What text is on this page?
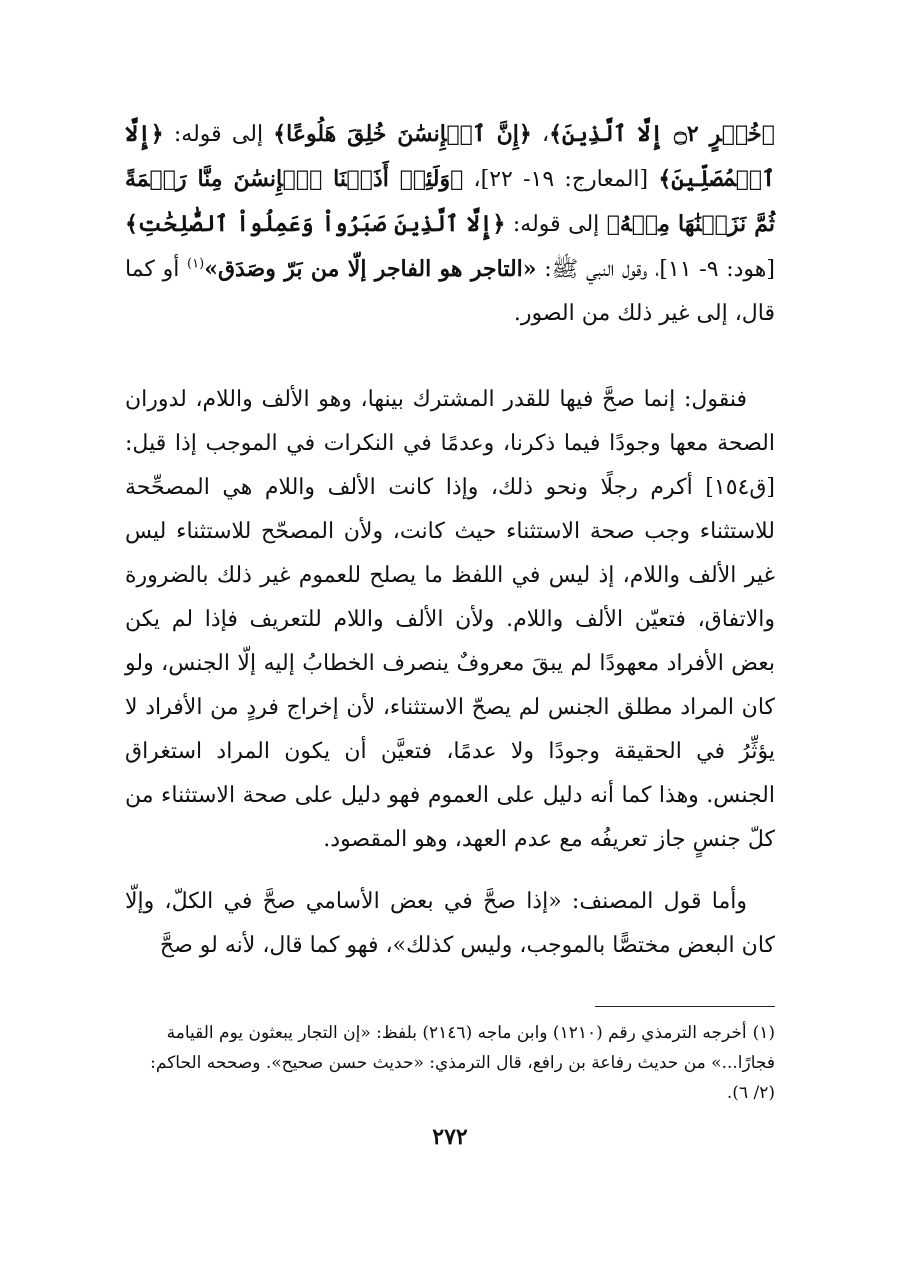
﴿خُسۡرٍ ۝٢ إِلَّا ٱلَّذِينَ﴾، ﴿إِنَّ ٱلۡإِنسَٰنَ خُلِقَ هَلُوعًا﴾ إلى قوله: ﴿إِلَّا ٱلۡمُصَلِّينَ﴾ [المعارج: ١٩- ٢٢]، ﴿وَلَئِنۡ أَذَقۡنَا ٱلۡإِنسَٰنَ مِنَّا رَحۡمَةً ثُمَّ نَزَعۡنَٰهَا مِنۡهُ﴾ إلى قوله: ﴿إِلَّا ٱلَّذِينَ صَبَرُواْ وَعَمِلُواْ ٱلصَّٰلِحَٰتِ﴾ [هود: ٩- ١١]، وقول النبي ﷺ: «التاجر هو الفاجر إلّا من بَرّ وصَدَق»$^{(١)}$ أو كما قال، إلى غير ذلك من الصور.

فنقول: إنما صحَّ فيها للقدر المشترك بينها، وهو الألف واللام، لدوران الصحة معها وجودًا فيما ذكرنا، وعدمًا في النكرات في الموجب إذا قيل: [ق١٥٤] أكرم رجلًا ونحو ذلك، وإذا كانت الألف واللام هي المصحِّحة للاستثناء وجب صحة الاستثناء حيث كانت، ولأن المصحّح للاستثناء ليس غير الألف واللام، إذ ليس في اللفظ ما يصلح للعموم غير ذلك بالضرورة والاتفاق، فتعيّن الألف واللام. ولأن الألف واللام للتعريف فإذا لم يكن بعض الأفراد معهودًا لم يبقَ معروفٌ ينصرف الخطابُ إليه إلّا الجنس، ولو كان المراد مطلق الجنس لم يصحّ الاستثناء، لأن إخراج فردٍ من الأفراد لا يؤثِّرُ في الحقيقة وجودًا ولا عدمًا، فتعيَّن أن يكون المراد استغراق الجنس. وهذا كما أنه دليل على العموم فهو دليل على صحة الاستثناء من كلّ جنسٍ جاز تعريفُه مع عدم العهد، وهو المقصود.

وأما قول المصنف: «إذا صحَّ في بعض الأسامي صحَّ في الكلّ، وإلّا كان البعض مختصًّا بالموجب، وليس كذلك»، فهو كما قال، لأنه لو صحَّ

(١)أخرجه الترمذي رقم (١٢١٠) وابن ماجه (٢١٤٦) بلفظ: «إن التجار يبعثون يوم القيامة فجارًا...» من حديث رفاعة بن رافع، قال الترمذي: «حديث حسن صحيح». وصححه الحاكم: (٢/ ٦).

٢٧٢
